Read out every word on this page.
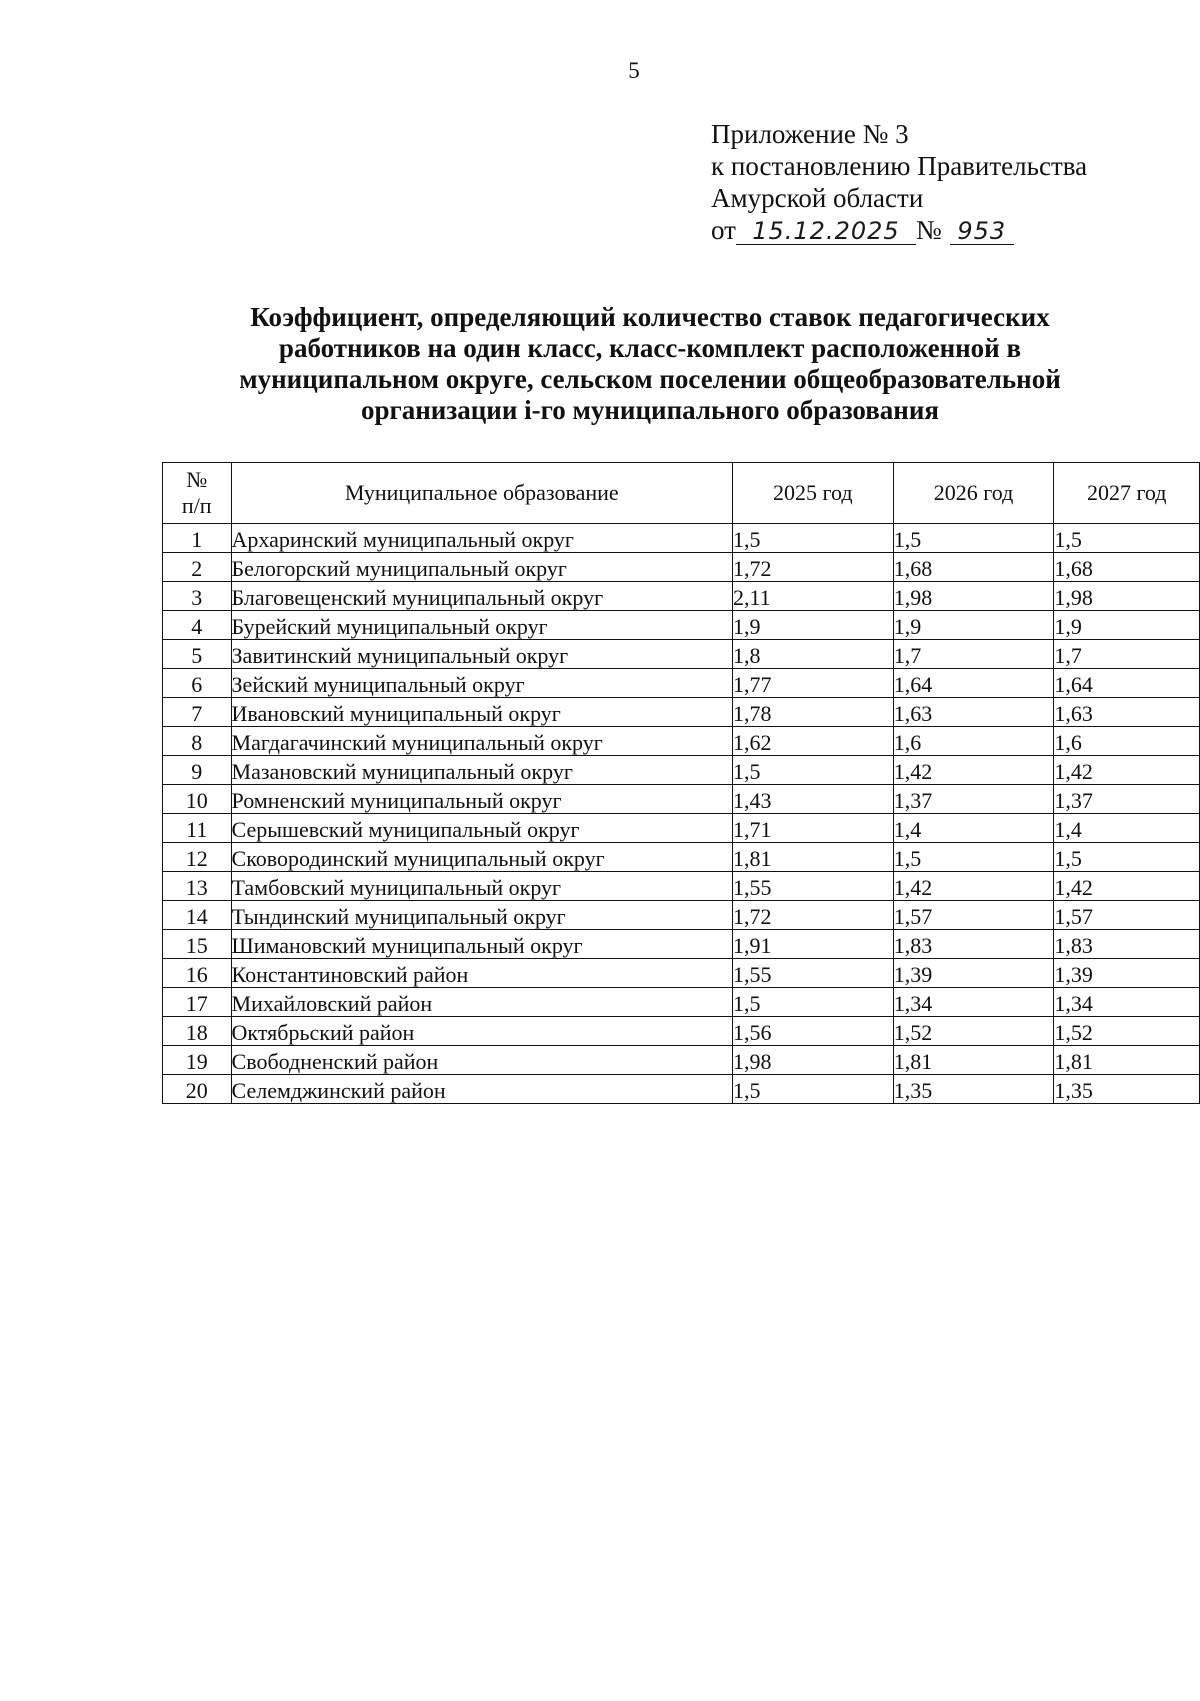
5
Приложение № 3
к постановлению Правительства
Амурской области
от 15.12.2025 № 953
Коэффициент, определяющий количество ставок педагогических
работников на один класс, класс-комплект расположенной в
муниципальном округе, сельском поселении общеобразовательной
организации i-го муниципального образования
№
п/п	Муниципальное образование	2025 год	2026 год	2027 год
1	Архаринский муниципальный округ	1,5	1,5	1,5
2	Белогорский муниципальный округ	1,72	1,68	1,68
3	Благовещенский муниципальный округ	2,11	1,98	1,98
4	Бурейский муниципальный округ	1,9	1,9	1,9
5	Завитинский муниципальный округ	1,8	1,7	1,7
6	Зейский муниципальный округ	1,77	1,64	1,64
7	Ивановский муниципальный округ	1,78	1,63	1,63
8	Магдагачинский муниципальный округ	1,62	1,6	1,6
9	Мазановский муниципальный округ	1,5	1,42	1,42
10	Ромненский муниципальный округ	1,43	1,37	1,37
11	Серышевский муниципальный округ	1,71	1,4	1,4
12	Сковородинский муниципальный округ	1,81	1,5	1,5
13	Тамбовский муниципальный округ	1,55	1,42	1,42
14	Тындинский муниципальный округ	1,72	1,57	1,57
15	Шимановский муниципальный округ	1,91	1,83	1,83
16	Константиновский район	1,55	1,39	1,39
17	Михайловский район	1,5	1,34	1,34
18	Октябрьский район	1,56	1,52	1,52
19	Свободненский район	1,98	1,81	1,81
20	Селемджинский район	1,5	1,35	1,35
